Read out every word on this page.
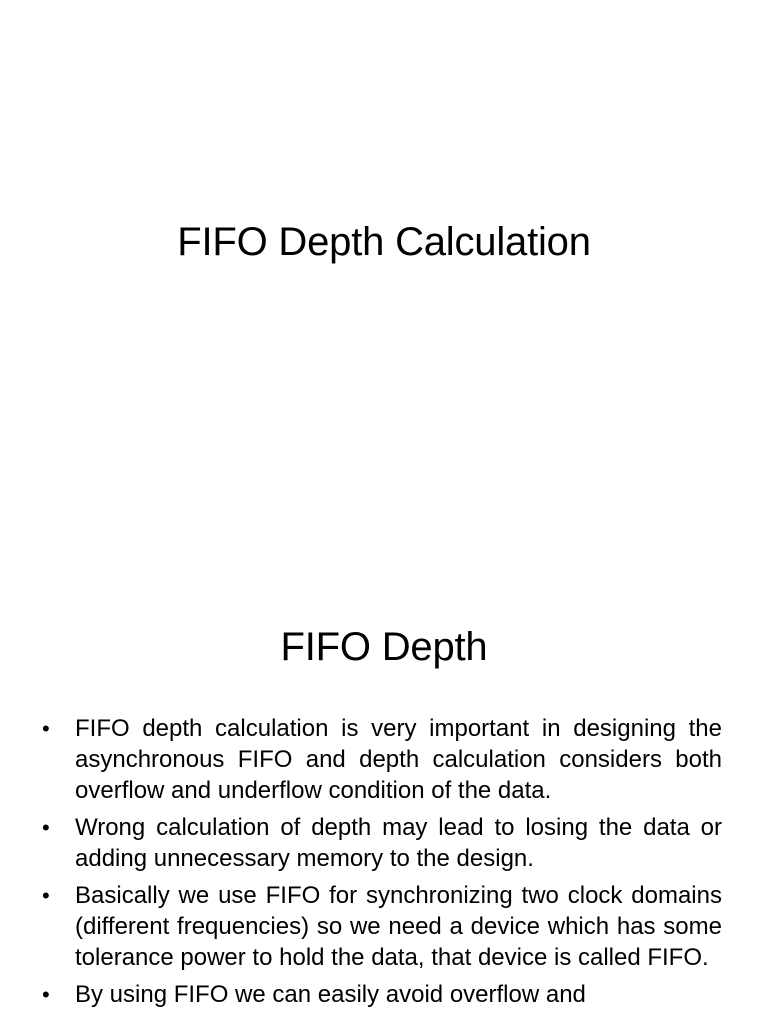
FIFO Depth Calculation
FIFO Depth
• FIFO depth calculation is very important in designing the asynchronous FIFO and depth calculation considers both overflow and underflow condition of the data.
• Wrong calculation of depth may lead to losing the data or adding unnecessary memory to the design.
• Basically we use FIFO for synchronizing two clock domains (different frequencies) so we need a device which has some tolerance power to hold the data, that device is called FIFO.
• By using FIFO we can easily avoid overflow and
